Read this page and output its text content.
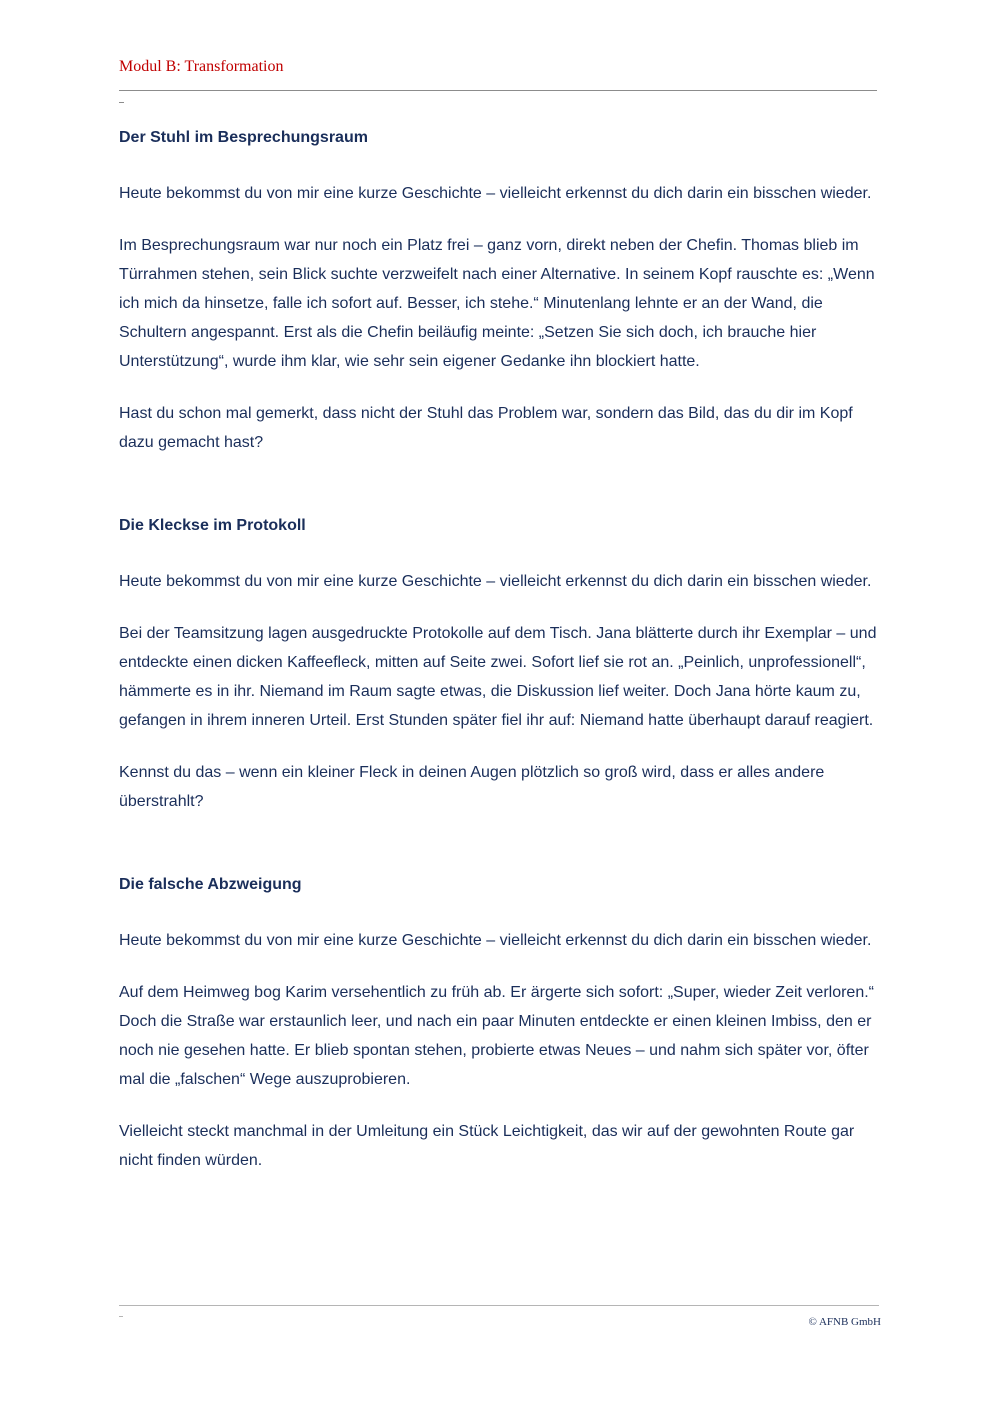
Modul B: Transformation
Der Stuhl im Besprechungsraum

Heute bekommst du von mir eine kurze Geschichte – vielleicht erkennst du dich darin ein bisschen wieder.

Im Besprechungsraum war nur noch ein Platz frei – ganz vorn, direkt neben der Chefin. Thomas blieb im Türrahmen stehen, sein Blick suchte verzweifelt nach einer Alternative. In seinem Kopf rauschte es: „Wenn ich mich da hinsetze, falle ich sofort auf. Besser, ich stehe.“ Minutenlang lehnte er an der Wand, die Schultern angespannt. Erst als die Chefin beiläufig meinte: „Setzen Sie sich doch, ich brauche hier Unterstützung“, wurde ihm klar, wie sehr sein eigener Gedanke ihn blockiert hatte.

Hast du schon mal gemerkt, dass nicht der Stuhl das Problem war, sondern das Bild, das du dir im Kopf dazu gemacht hast?

Die Kleckse im Protokoll

Heute bekommst du von mir eine kurze Geschichte – vielleicht erkennst du dich darin ein bisschen wieder.

Bei der Teamsitzung lagen ausgedruckte Protokolle auf dem Tisch. Jana blätterte durch ihr Exemplar – und entdeckte einen dicken Kaffeefleck, mitten auf Seite zwei. Sofort lief sie rot an. „Peinlich, unprofessionell“, hämmerte es in ihr. Niemand im Raum sagte etwas, die Diskussion lief weiter. Doch Jana hörte kaum zu, gefangen in ihrem inneren Urteil. Erst Stunden später fiel ihr auf: Niemand hatte überhaupt darauf reagiert.

Kennst du das – wenn ein kleiner Fleck in deinen Augen plötzlich so groß wird, dass er alles andere überstrahlt?

Die falsche Abzweigung

Heute bekommst du von mir eine kurze Geschichte – vielleicht erkennst du dich darin ein bisschen wieder.

Auf dem Heimweg bog Karim versehentlich zu früh ab. Er ärgerte sich sofort: „Super, wieder Zeit verloren.“ Doch die Straße war erstaunlich leer, und nach ein paar Minuten entdeckte er einen kleinen Imbiss, den er noch nie gesehen hatte. Er blieb spontan stehen, probierte etwas Neues – und nahm sich später vor, öfter mal die „falschen“ Wege auszuprobieren.

Vielleicht steckt manchmal in der Umleitung ein Stück Leichtigkeit, das wir auf der gewohnten Route gar nicht finden würden.

© AFNB GmbH
